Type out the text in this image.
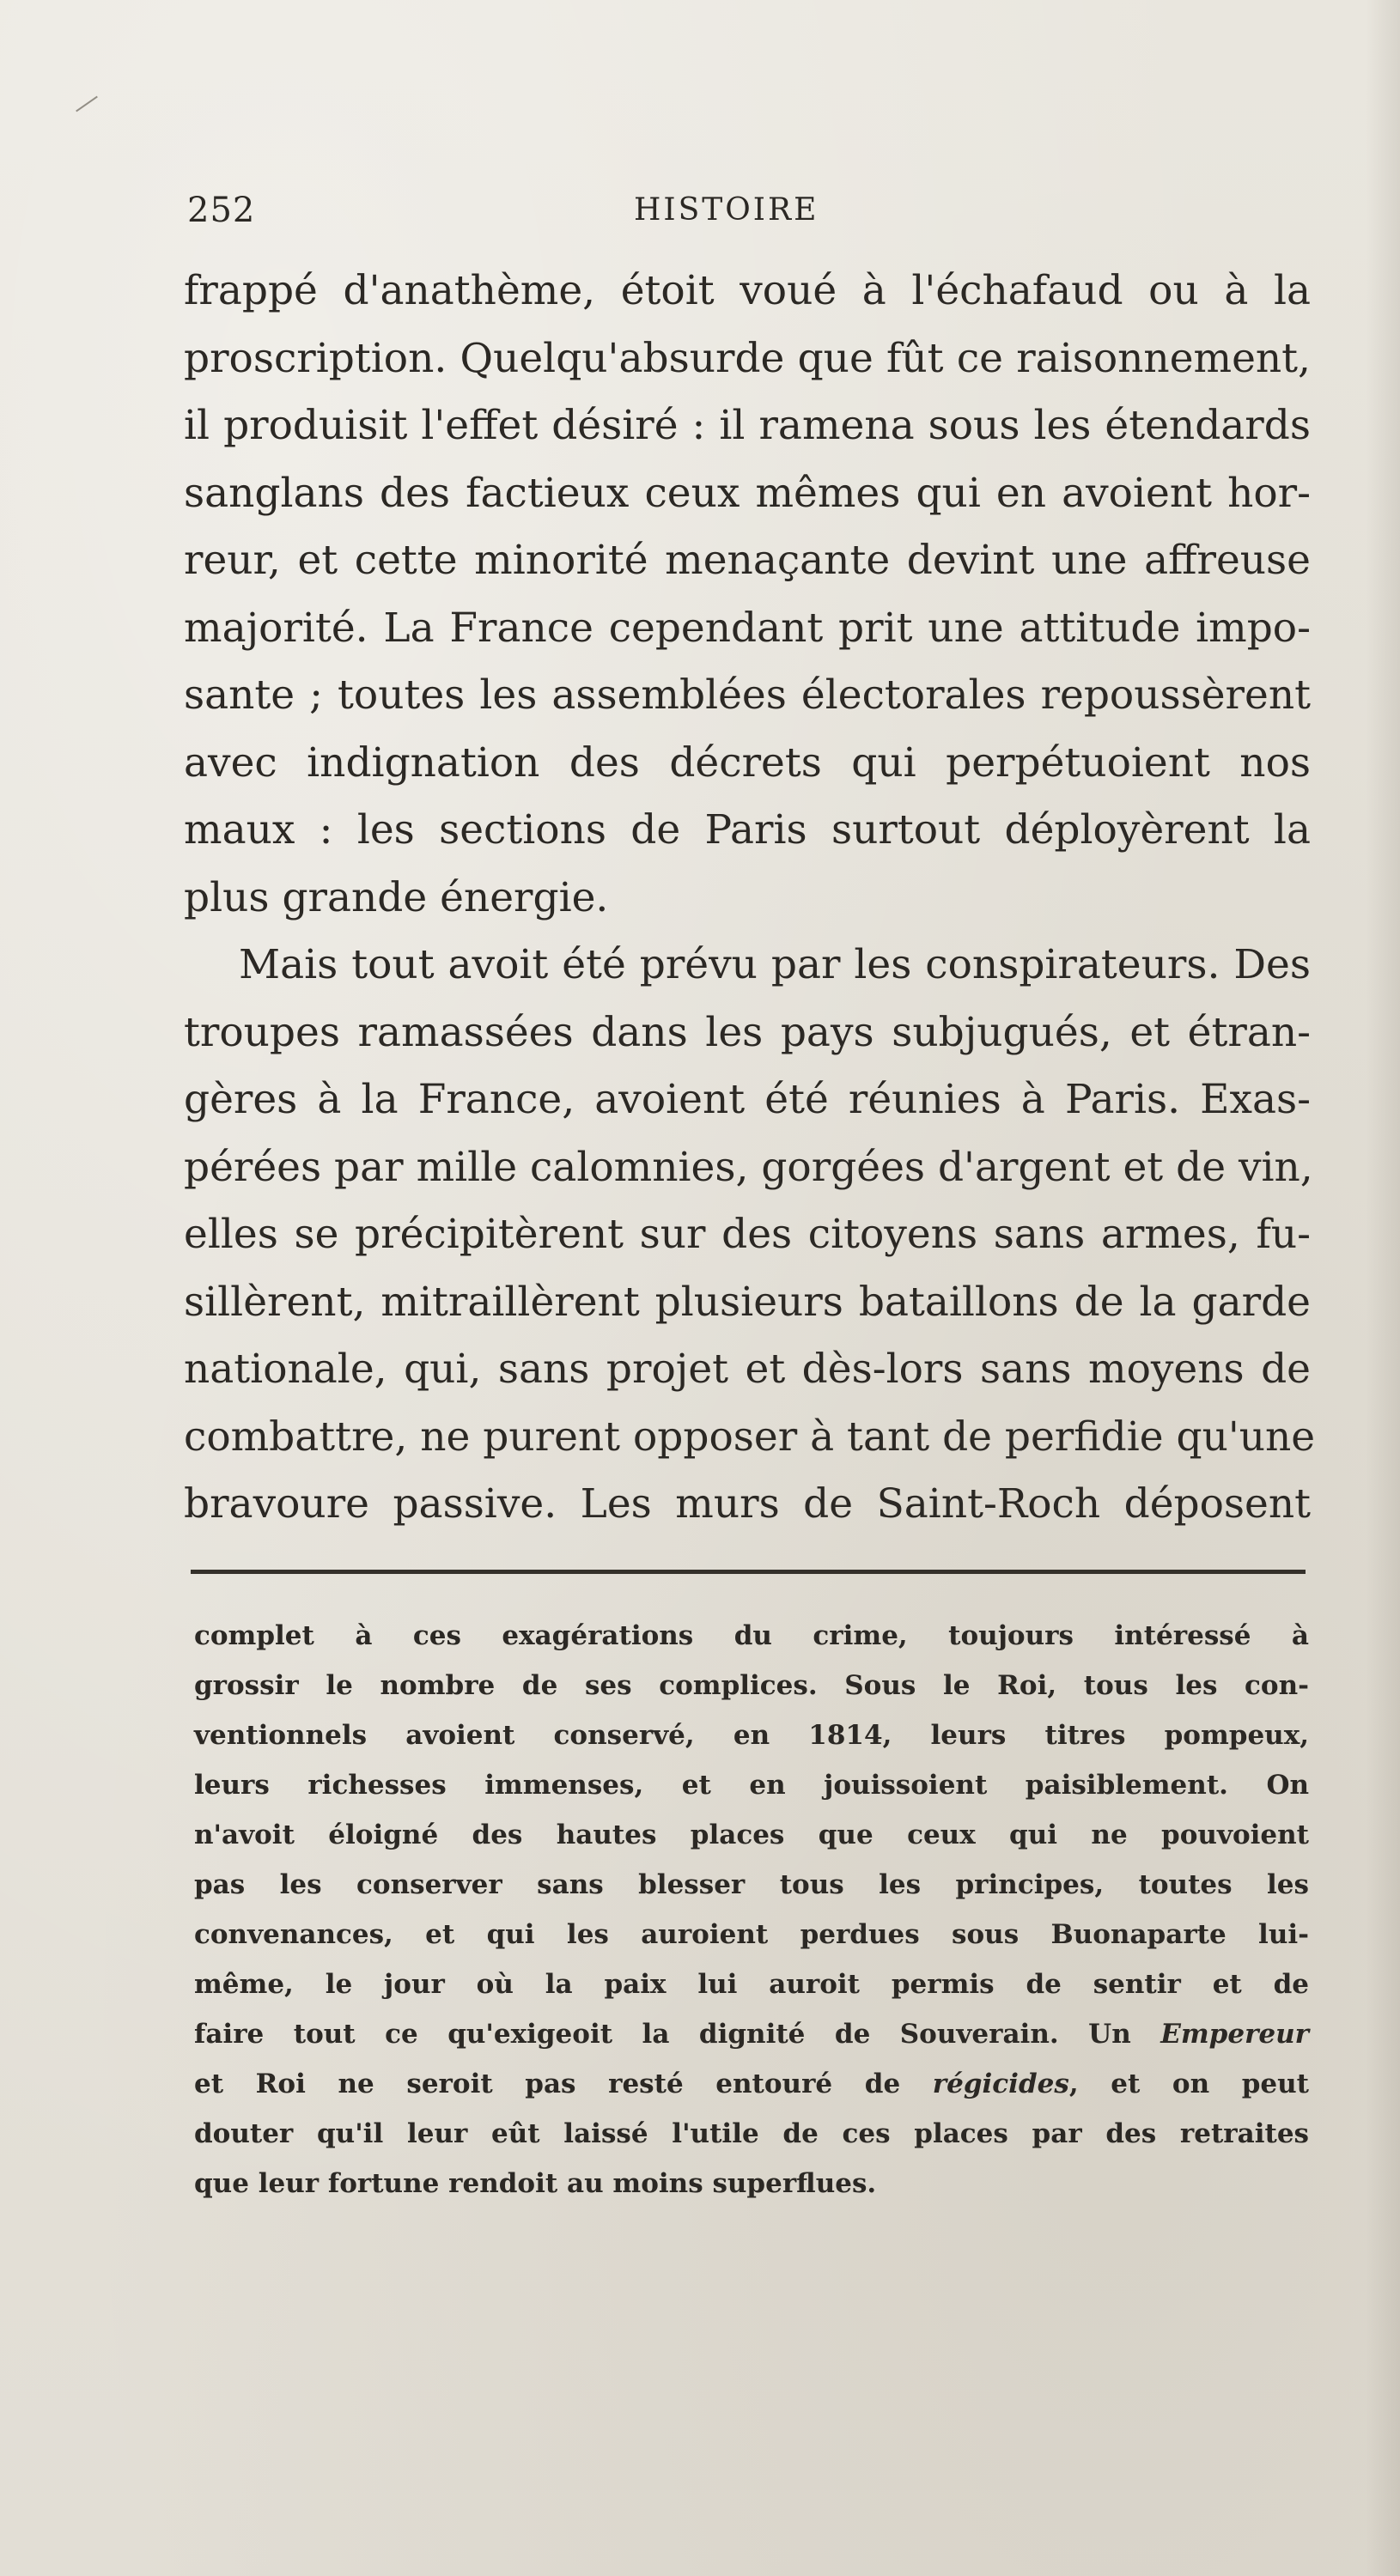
252	HISTOIRE
frappé d'anathème, étoit voué à l'échafaud ou à la
proscription. Quelqu'absurde que fût ce raisonnement,
il produisit l'effet désiré : il ramena sous les étendards
sanglans des factieux ceux mêmes qui en avoient hor-
reur, et cette minorité menaçante devint une affreuse
majorité. La France cependant prit une attitude impo-
sante ; toutes les assemblées électorales repoussèrent
avec indignation des décrets qui perpétuoient nos
maux : les sections de Paris surtout déployèrent la
plus grande énergie.
Mais tout avoit été prévu par les conspirateurs. Des
troupes ramassées dans les pays subjugués, et étran-
gères à la France, avoient été réunies à Paris. Exas-
pérées par mille calomnies, gorgées d'argent et de vin,
elles se précipitèrent sur des citoyens sans armes, fu-
sillèrent, mitraillèrent plusieurs bataillons de la garde
nationale, qui, sans projet et dès-lors sans moyens de
combattre, ne purent opposer à tant de perfidie qu'une
bravoure passive. Les murs de Saint-Roch déposent
complet à ces exagérations du crime, toujours intéressé à
grossir le nombre de ses complices. Sous le Roi, tous les con-
ventionnels avoient conservé, en 1814, leurs titres pompeux,
leurs richesses immenses, et en jouissoient paisiblement. On
n'avoit éloigné des hautes places que ceux qui ne pouvoient
pas les conserver sans blesser tous les principes, toutes les
convenances, et qui les auroient perdues sous Buonaparte lui-
même, le jour où la paix lui auroit permis de sentir et de
faire tout ce qu'exigeoit la dignité de Souverain. Un Empereur
et Roi ne seroit pas resté entouré de régicides, et on peut
douter qu'il leur eût laissé l'utile de ces places par des retraites
que leur fortune rendoit au moins superflues.
